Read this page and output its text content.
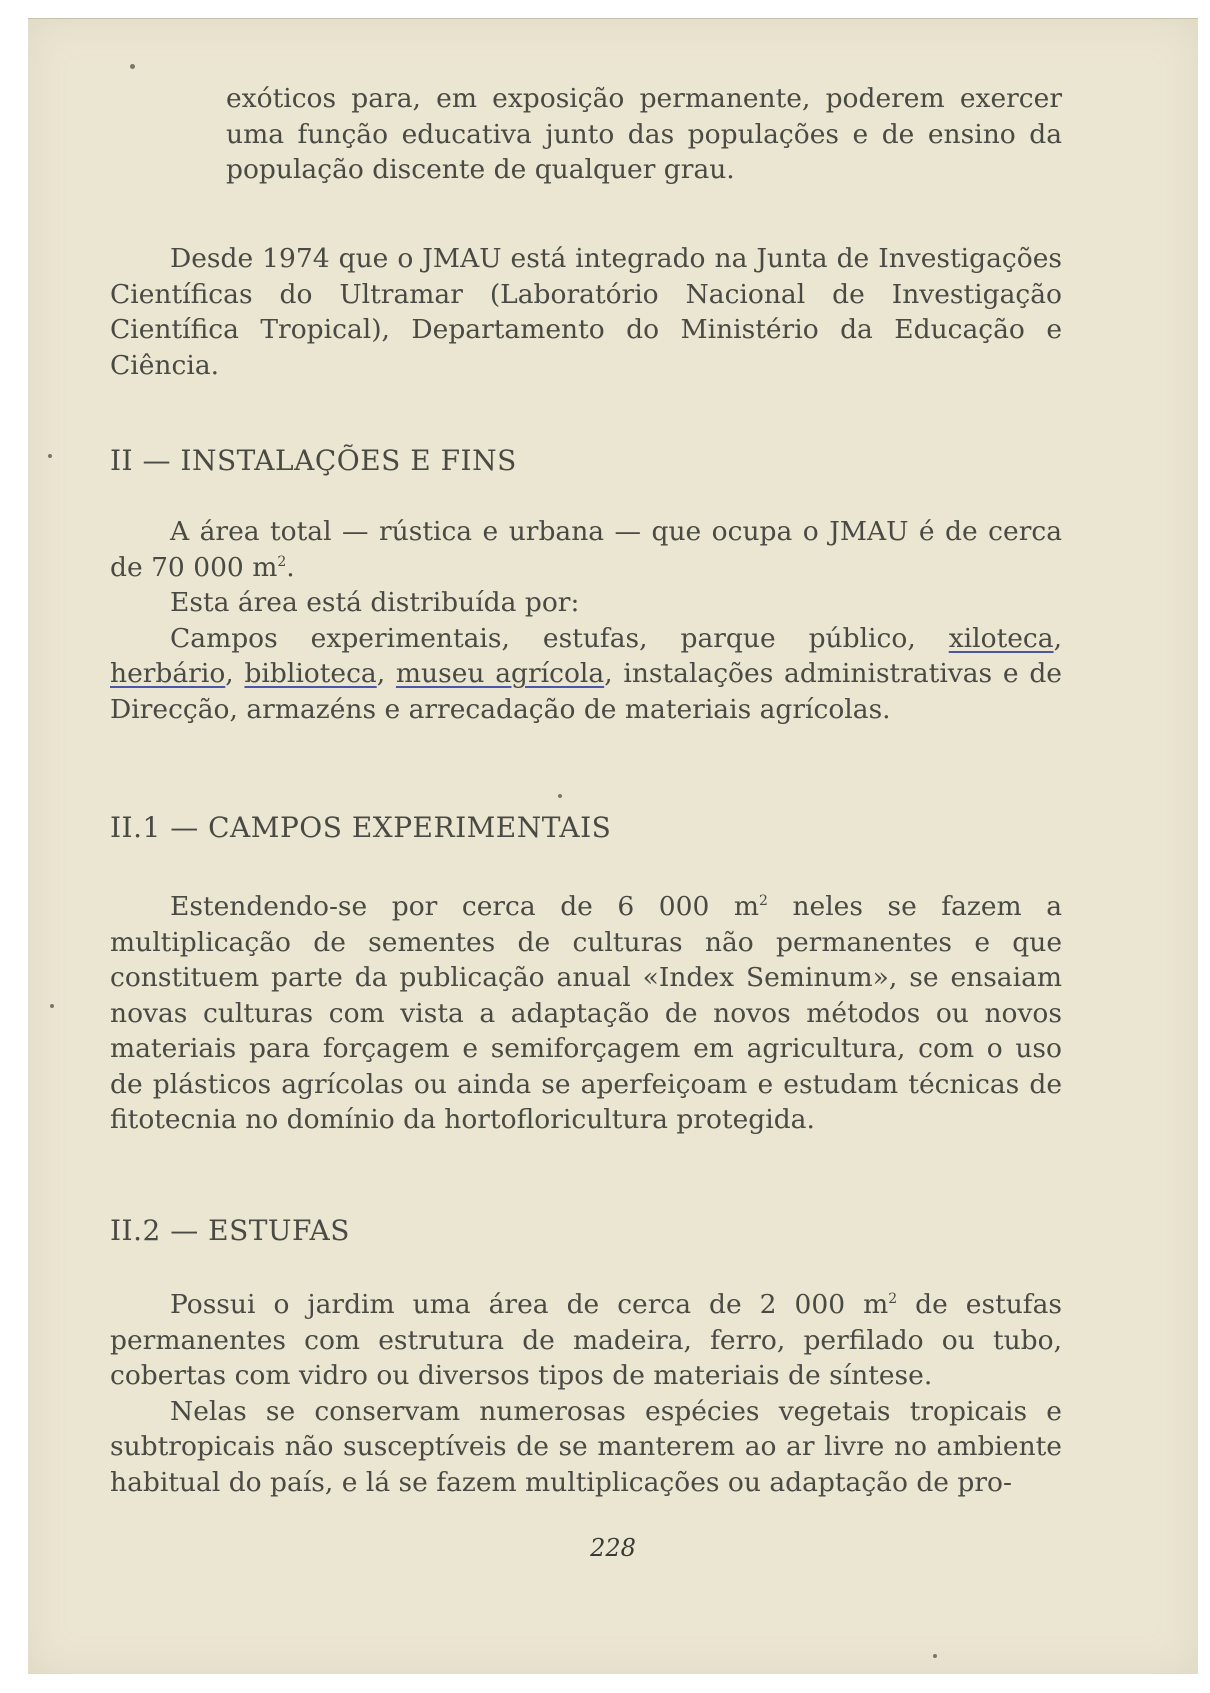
exóticos para, em exposição permanente, poderem exercer uma função educativa junto das populações e de ensino da população discente de qualquer grau.

Desde 1974 que o JMAU está integrado na Junta de Investigações Científicas do Ultramar (Laboratório Nacional de Investigação Científica Tropical), Departamento do Ministério da Educação e Ciência.

II — INSTALAÇÕES E FINS

A área total — rústica e urbana — que ocupa o JMAU é de cerca de 70 000 $m^2$.

Esta área está distribuída por:

Campos experimentais, estufas, parque público, xiloteca, herbário, biblioteca, museu agrícola, instalações administrativas e de Direcção, armazéns e arrecadação de materiais agrícolas.

II.1 — CAMPOS EXPERIMENTAIS

Estendendo-se por cerca de 6 000 $m^2$ neles se fazem a multiplicação de sementes de culturas não permanentes e que constituem parte da publicação anual «Index Seminum», se ensaiam novas culturas com vista a adaptação de novos métodos ou novos materiais para forçagem e semiforçagem em agricultura, com o uso de plásticos agrícolas ou ainda se aperfeiçoam e estudam técnicas de fitotecnia no domínio da hortofloricultura protegida.

II.2 — ESTUFAS

Possui o jardim uma área de cerca de 2 000 $m^2$ de estufas permanentes com estrutura de madeira, ferro, perfilado ou tubo, cobertas com vidro ou diversos tipos de materiais de síntese.

Nelas se conservam numerosas espécies vegetais tropicais e subtropicais não susceptíveis de se manterem ao ar livre no ambiente habitual do país, e lá se fazem multiplicações ou adaptação de pro-

228
